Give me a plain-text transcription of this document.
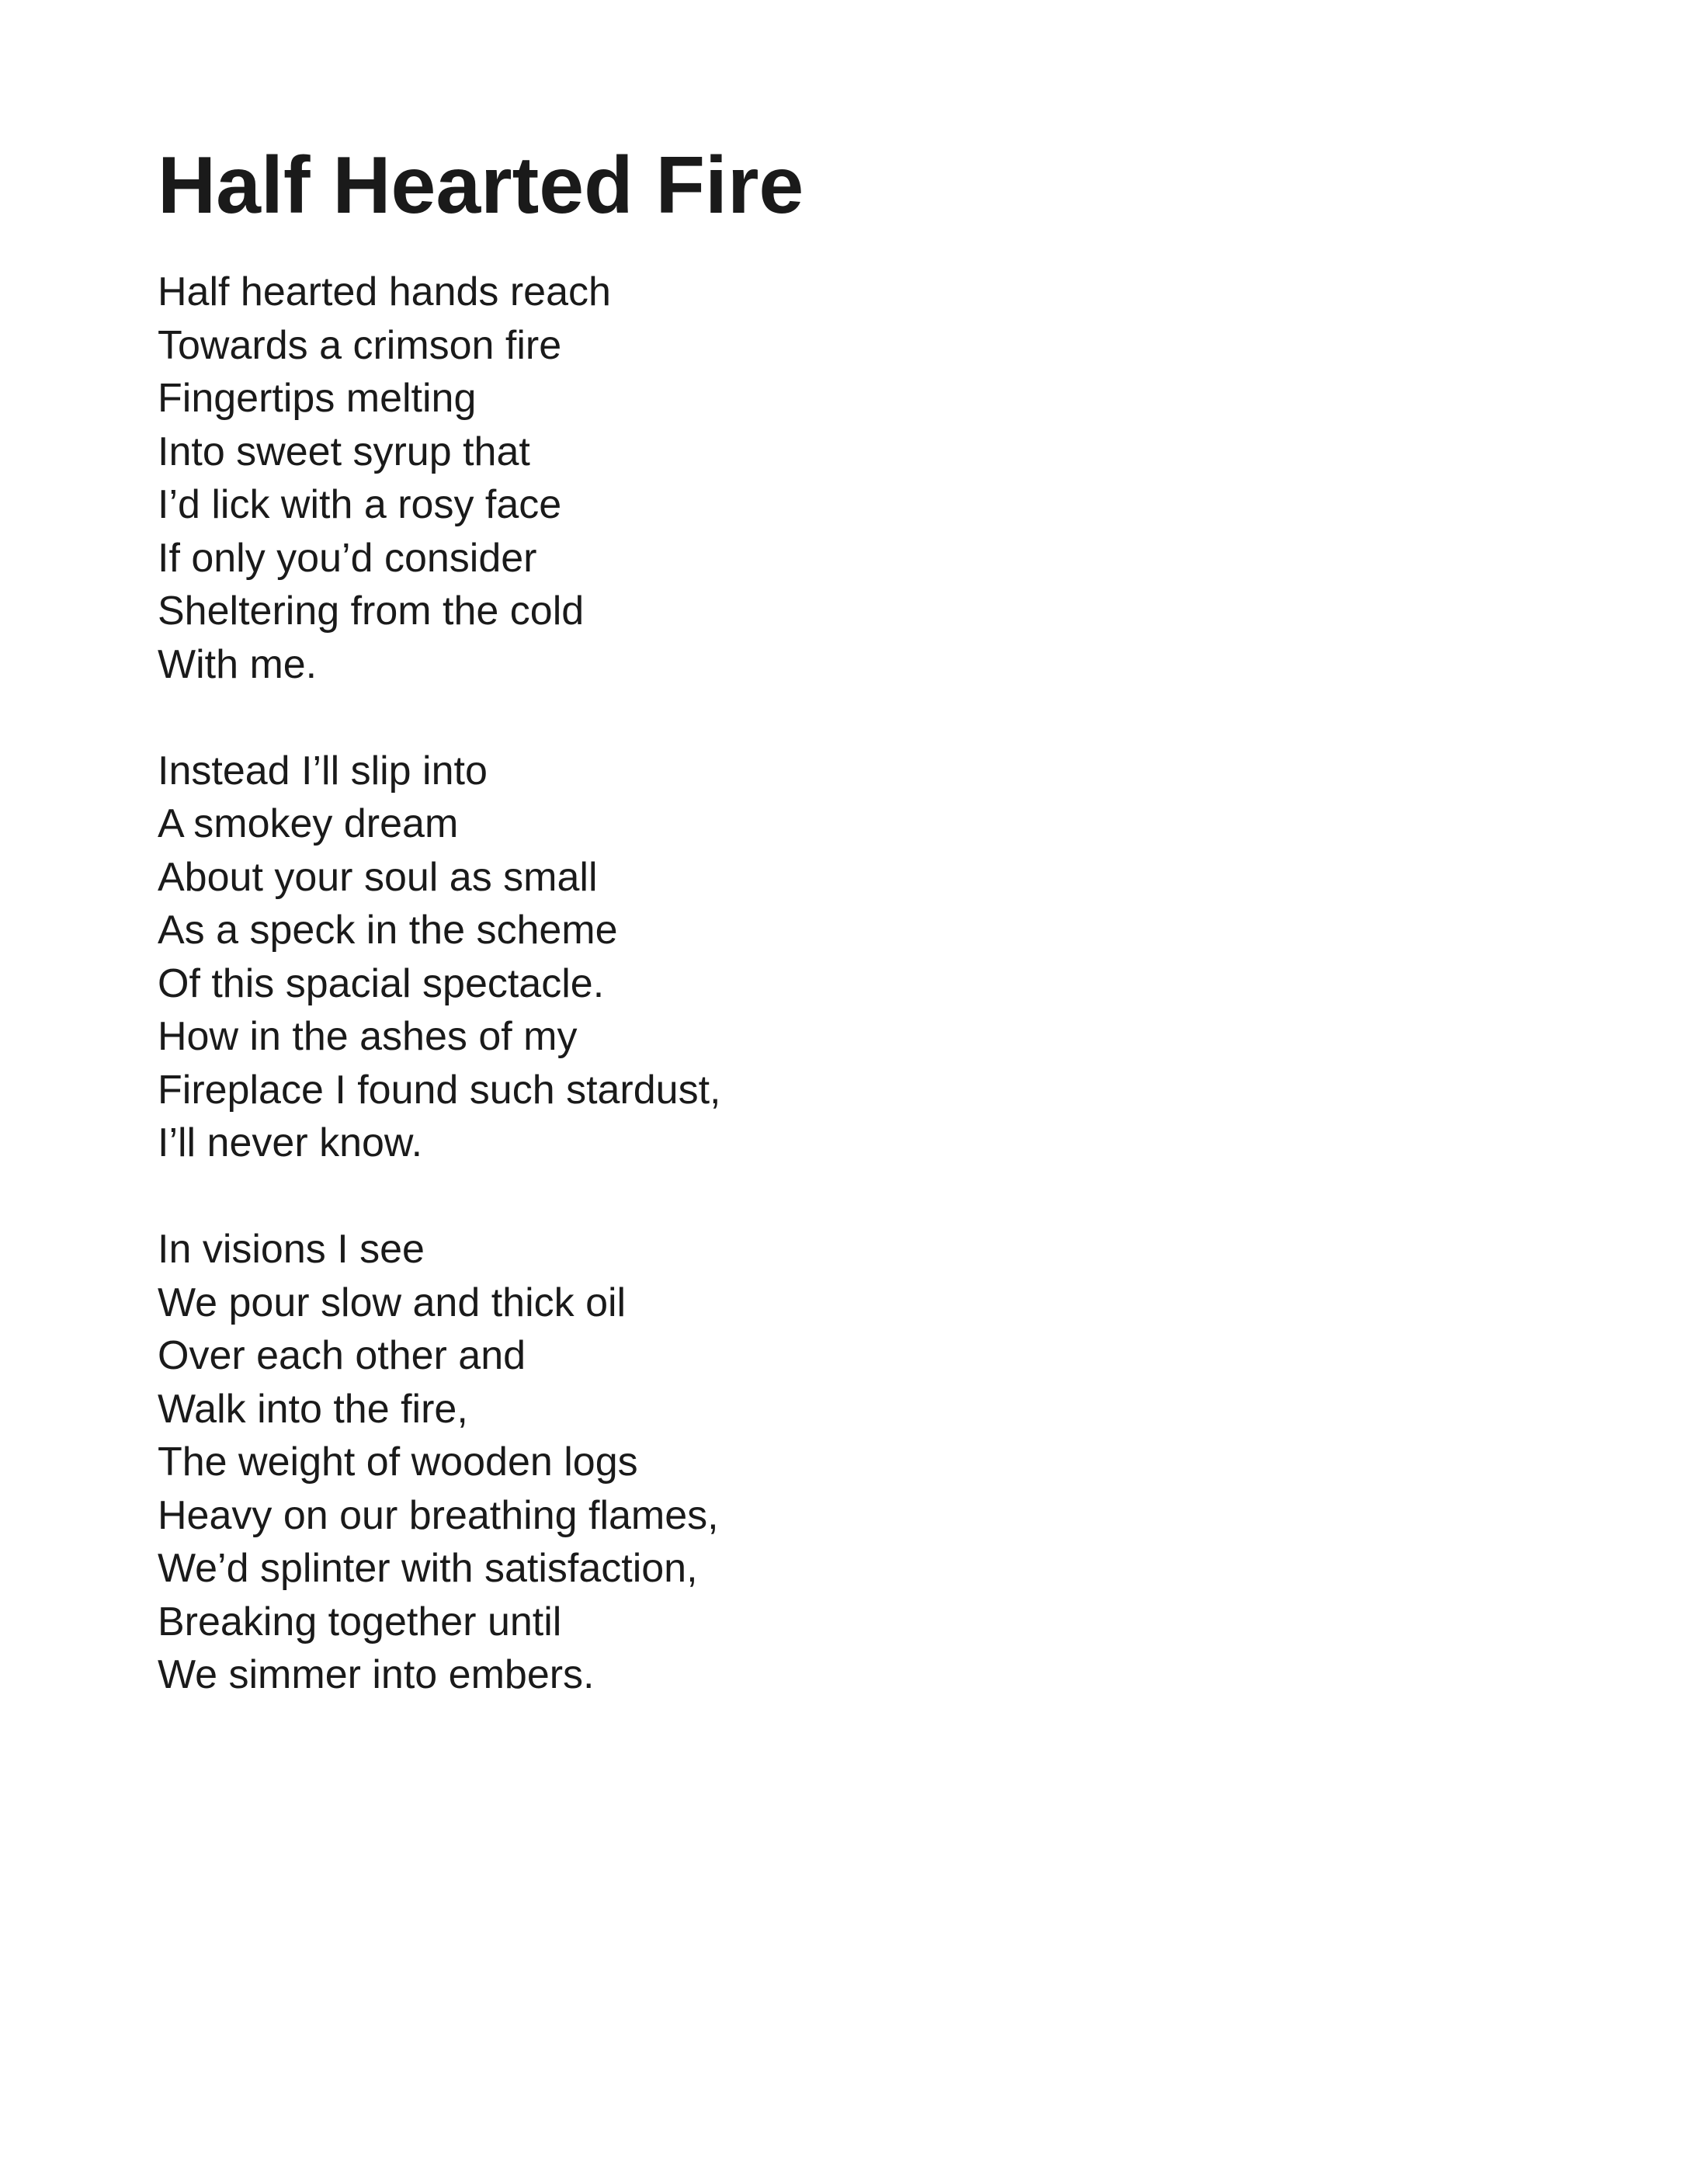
Half Hearted Fire
Half hearted hands reach
Towards a crimson fire
Fingertips melting
Into sweet syrup that
I’d lick with a rosy face
If only you’d consider
Sheltering from the cold
With me.
Instead I’ll slip into
A smokey dream
About your soul as small
As a speck in the scheme
Of this spacial spectacle.
How in the ashes of my
Fireplace I found such stardust,
I’ll never know.
In visions I see
We pour slow and thick oil
Over each other and
Walk into the fire,
The weight of wooden logs
Heavy on our breathing flames,
We’d splinter with satisfaction,
Breaking together until
We simmer into embers.
